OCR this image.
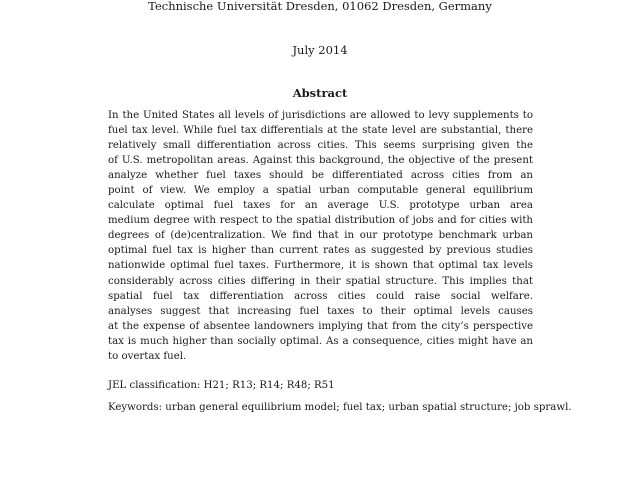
Technische Universität Dresden, 01062 Dresden, Germany
July 2014
Abstract
In the United States all levels of jurisdictions are allowed to levy supplements to
fuel tax level. While fuel tax differentials at the state level are substantial, there
relatively small differentiation across cities. This seems surprising given the
of U.S. metropolitan areas. Against this background, the objective of the present
analyze whether fuel taxes should be differentiated across cities from an
point of view. We employ a spatial urban computable general equilibrium
calculate optimal fuel taxes for an average U.S. prototype urban area
medium degree with respect to the spatial distribution of jobs and for cities with
degrees of (de)centralization. We find that in our prototype benchmark urban
optimal fuel tax is higher than current rates as suggested by previous studies
nationwide optimal fuel taxes. Furthermore, it is shown that optimal tax levels
considerably across cities differing in their spatial structure. This implies that
spatial fuel tax differentiation across cities could raise social welfare.
analyses suggest that increasing fuel taxes to their optimal levels causes
at the expense of absentee landowners implying that from the city’s perspective
tax is much higher than socially optimal. As a consequence, cities might have an
to overtax fuel.
JEL classification: H21; R13; R14; R48; R51
Keywords: urban general equilibrium model; fuel tax; urban spatial structure; job sprawl.
